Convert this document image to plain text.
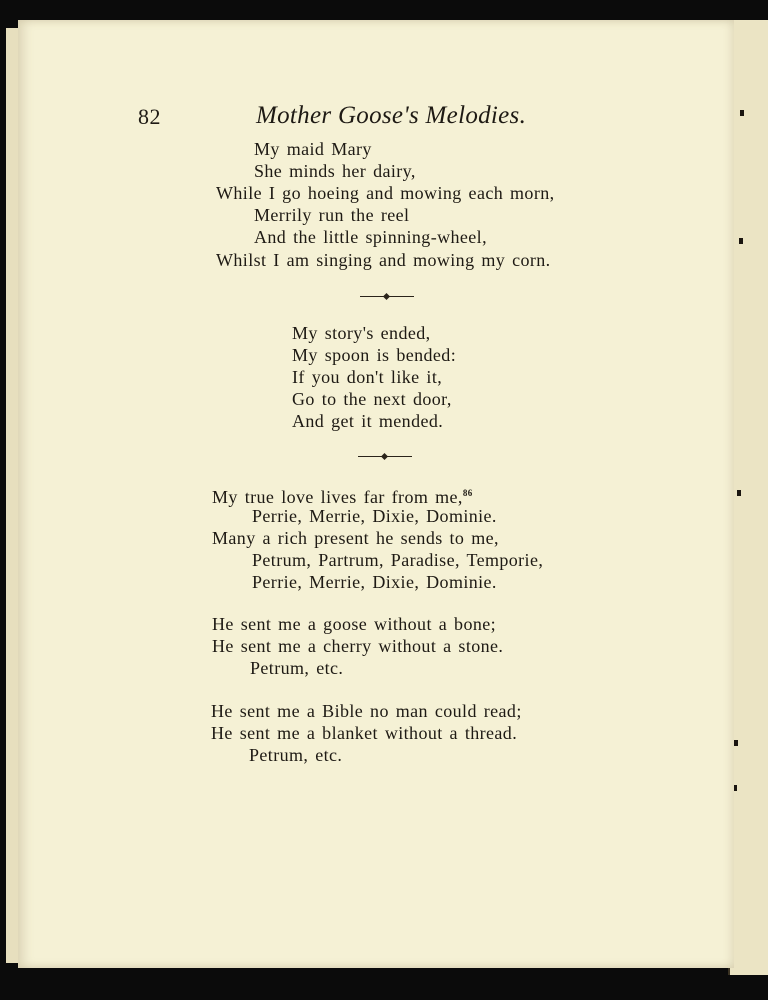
82	Mother Goose's Melodies.
My maid Mary
She minds her dairy,
While I go hoeing and mowing each morn,
Merrily run the reel
And the little spinning-wheel,
Whilst I am singing and mowing my corn.
My story's ended,
My spoon is bended:
If you don't like it,
Go to the next door,
And get it mended.
My true love lives far from me,$^{86}$
Perrie, Merrie, Dixie, Dominie.
Many a rich present he sends to me,
Petrum, Partrum, Paradise, Temporie,
Perrie, Merrie, Dixie, Dominie.
He sent me a goose without a bone;
He sent me a cherry without a stone.
Petrum, etc.
He sent me a Bible no man could read;
He sent me a blanket without a thread.
Petrum, etc.
